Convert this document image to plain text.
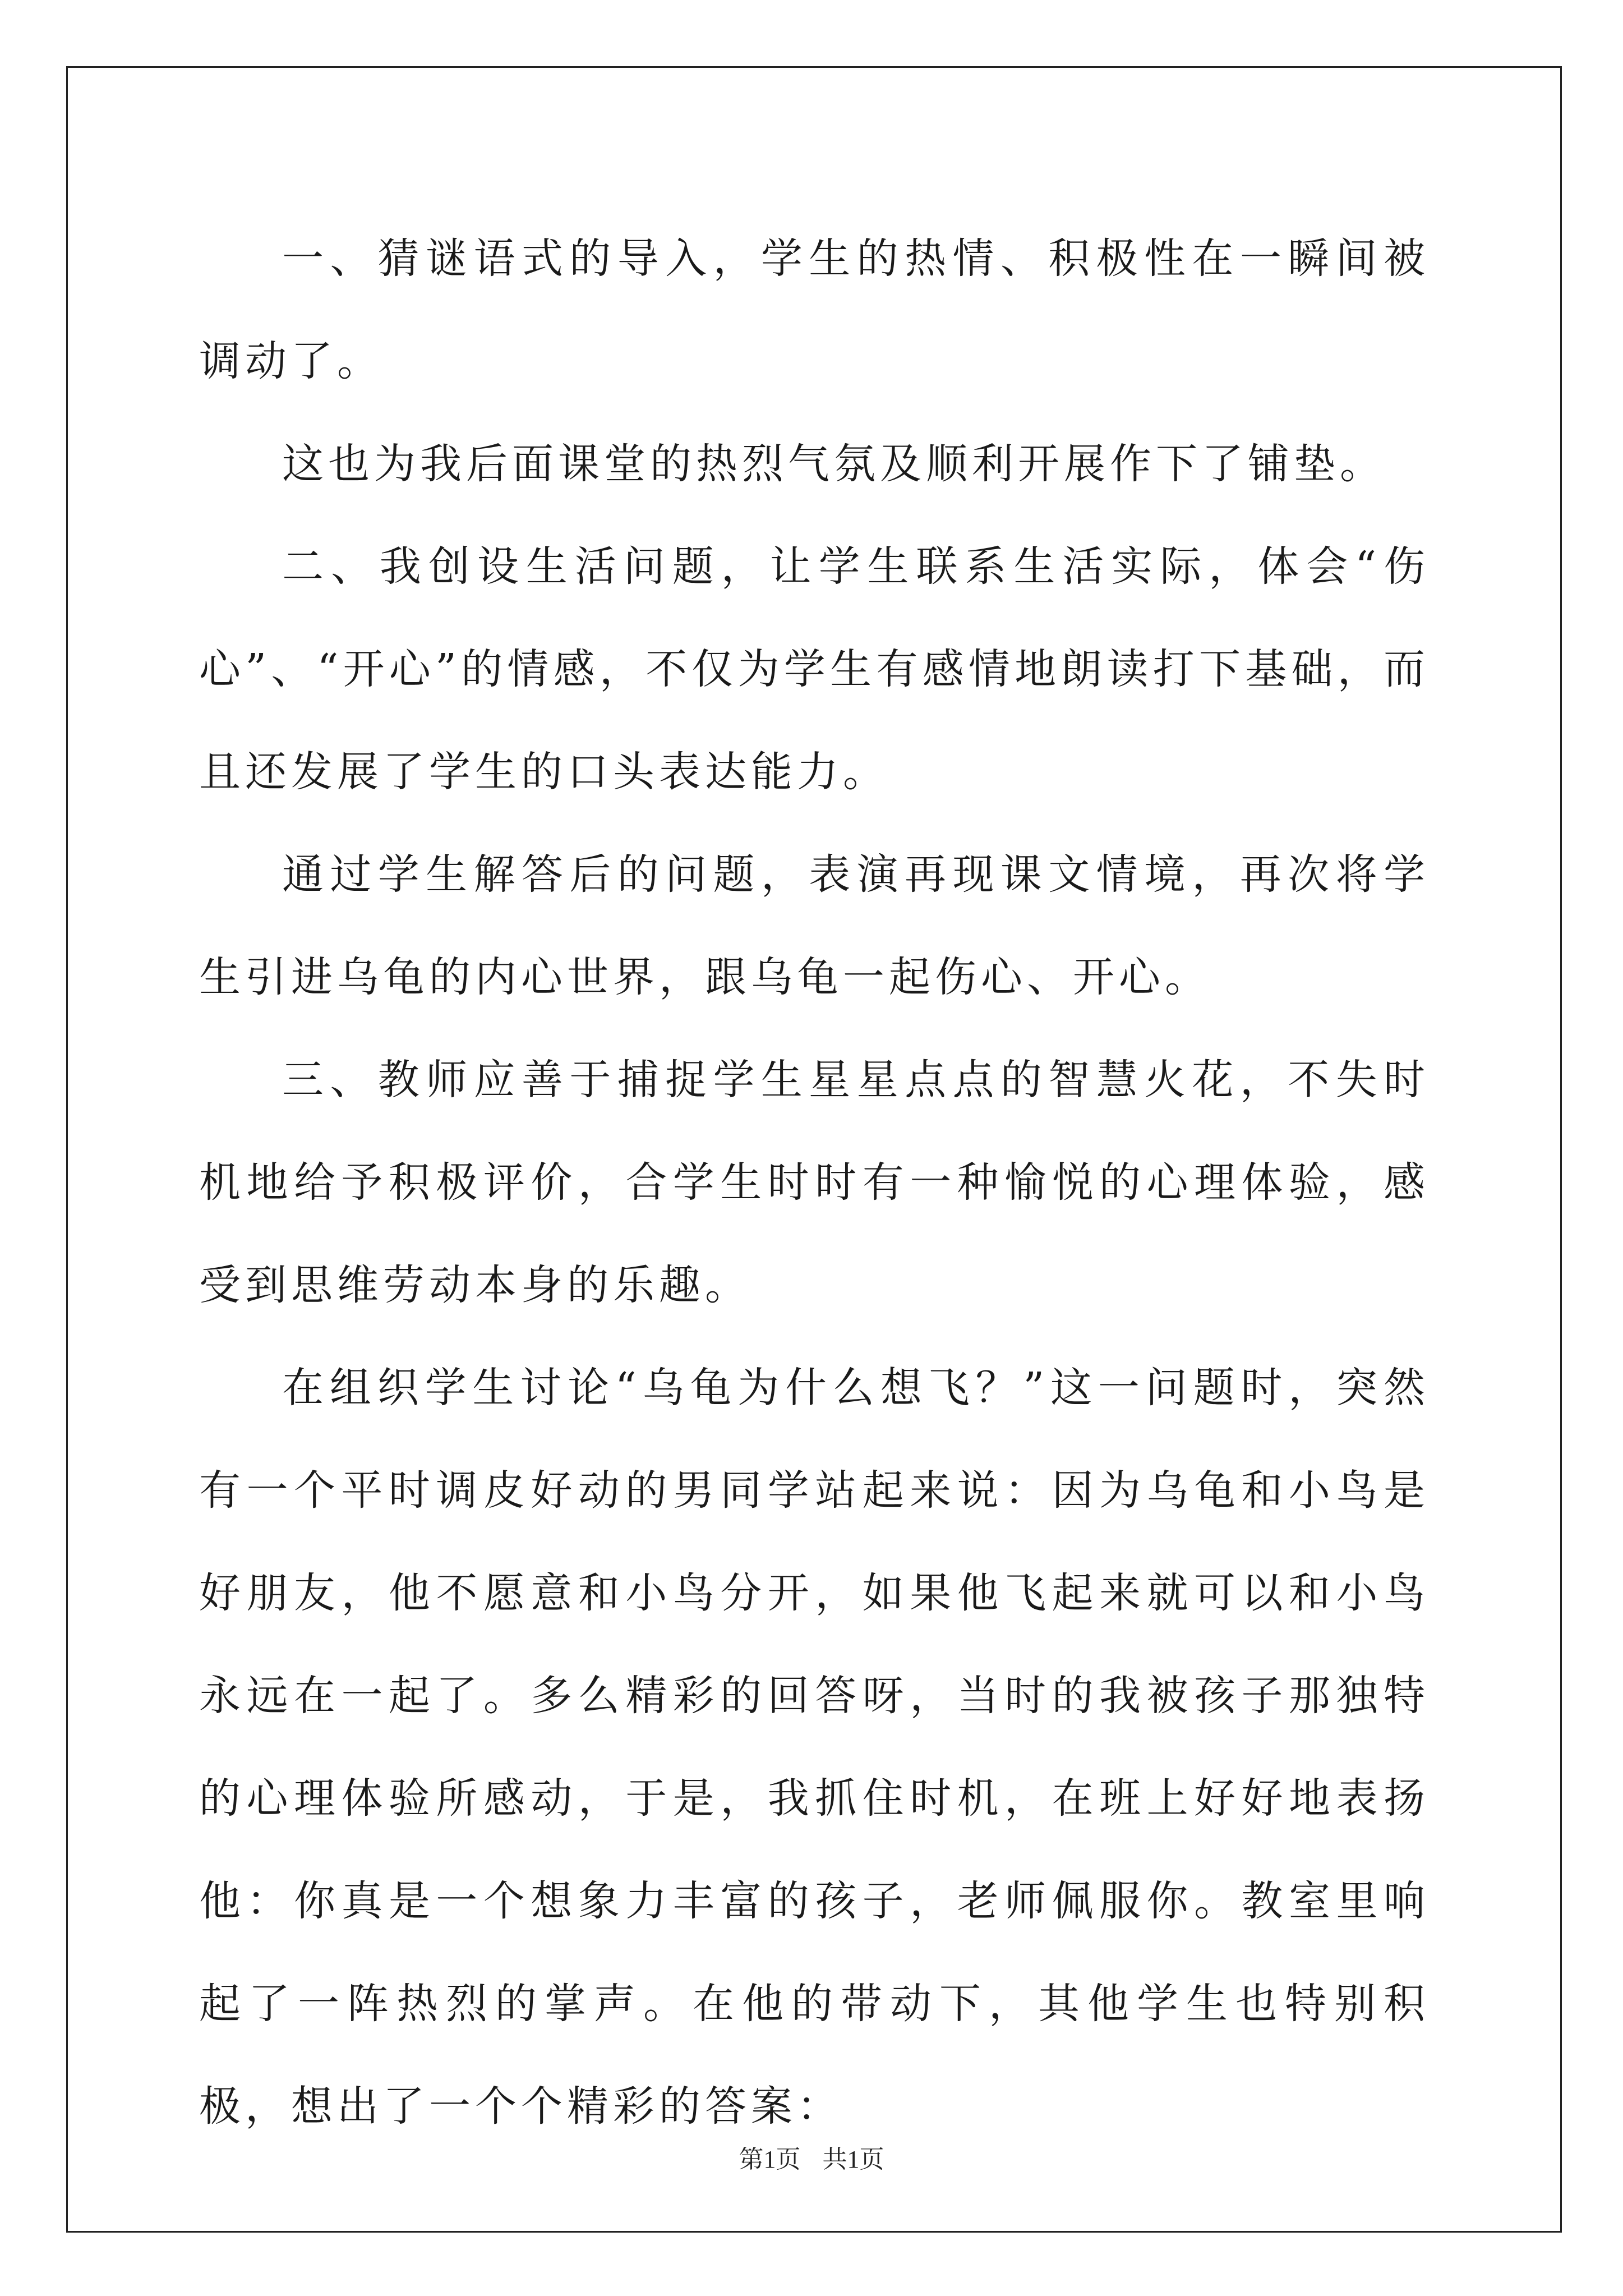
一、猜谜语式的导入，学生的热情、积极性在一瞬间被调动了。

这也为我后面课堂的热烈气氛及顺利开展作下了铺垫。

二、我创设生活问题，让学生联系生活实际，体会“伤心”、“开心”的情感，不仅为学生有感情地朗读打下基础，而且还发展了学生的口头表达能力。

通过学生解答后的问题，表演再现课文情境，再次将学生引进乌龟的内心世界，跟乌龟一起伤心、开心。

三、教师应善于捕捉学生星星点点的智慧火花，不失时机地给予积极评价，合学生时时有一种愉悦的心理体验，感受到思维劳动本身的乐趣。

在组织学生讨论“乌龟为什么想飞？”这一问题时，突然有一个平时调皮好动的男同学站起来说：因为乌龟和小鸟是好朋友，他不愿意和小鸟分开，如果他飞起来就可以和小鸟永远在一起了。多么精彩的回答呀，当时的我被孩子那独特的心理体验所感动，于是，我抓住时机，在班上好好地表扬他：你真是一个想象力丰富的孩子，老师佩服你。教室里响起了一阵热烈的掌声。在他的带动下，其他学生也特别积极，想出了一个个精彩的答案：

第1页 共1页
